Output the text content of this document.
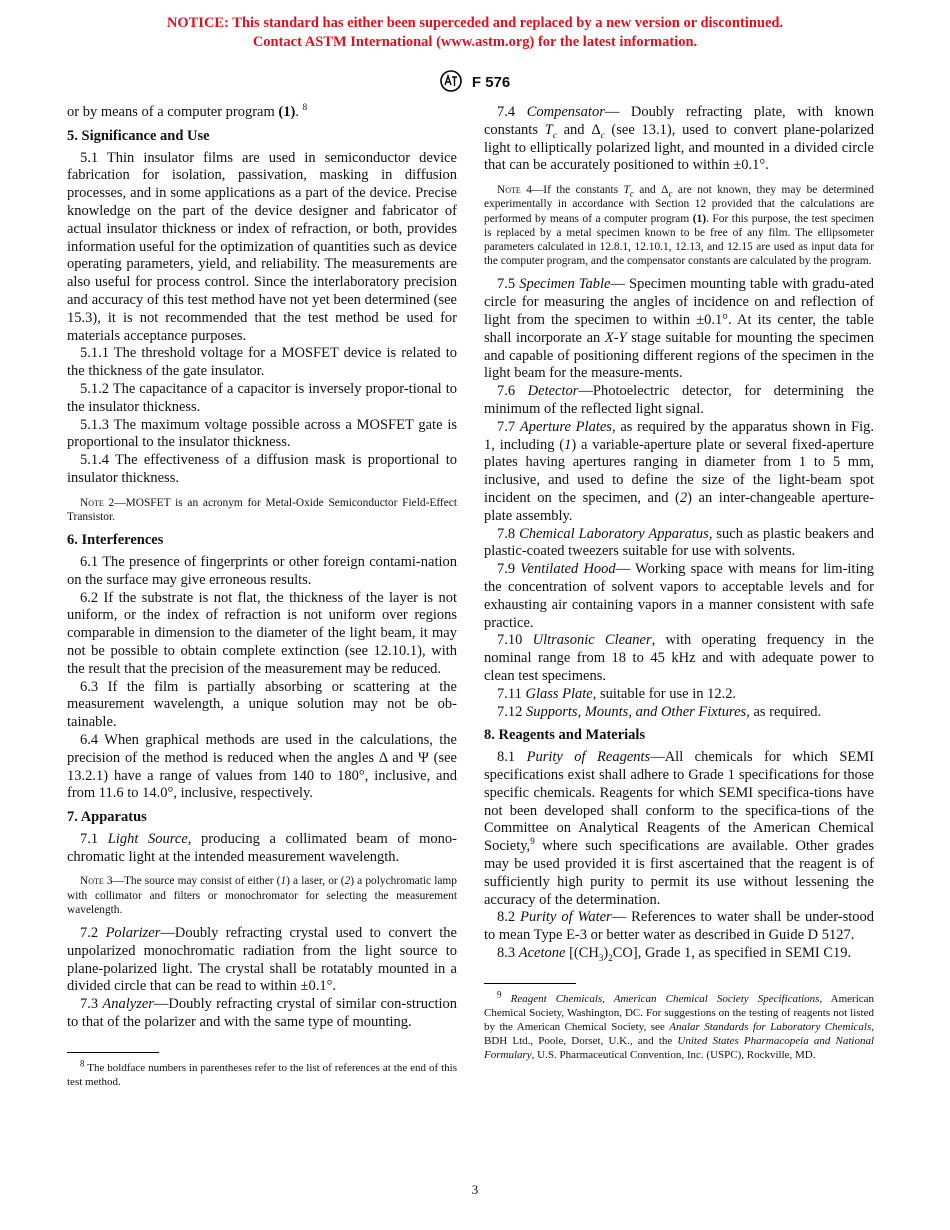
NOTICE: This standard has either been superceded and replaced by a new version or discontinued.
Contact ASTM International (www.astm.org) for the latest information.
F 576

or by means of a computer program (1). $^8$

5. Significance and Use

5.1 Thin insulator films are used in semiconductor device fabrication for isolation, passivation, masking in diffusion processes, and in some applications as a part of the device. Precise knowledge on the part of the device designer and fabricator of actual insulator thickness or index of refraction, or both, provides information useful for the optimization of quantities such as device operating parameters, yield, and reliability. The measurements are also useful for process control. Since the interlaboratory precision and accuracy of this test method have not yet been determined (see 15.3), it is not recommended that the test method be used for materials acceptance purposes.

5.1.1 The threshold voltage for a MOSFET device is related to the thickness of the gate insulator.

5.1.2 The capacitance of a capacitor is inversely propor-tional to the insulator thickness.

5.1.3 The maximum voltage possible across a MOSFET gate is proportional to the insulator thickness.

5.1.4 The effectiveness of a diffusion mask is proportional to insulator thickness.

Note 2—MOSFET is an acronym for Metal-Oxide Semiconductor Field-Effect Transistor.
6. Interferences

6.1 The presence of fingerprints or other foreign contami-nation on the surface may give erroneous results.

6.2 If the substrate is not flat, the thickness of the layer is not uniform, or the index of refraction is not uniform over regions comparable in dimension to the diameter of the light beam, it may not be possible to obtain complete extinction (see 12.10.1), with the result that the precision of the measurement may be reduced.

6.3 If the film is partially absorbing or scattering at the measurement wavelength, a unique solution may not be ob-tainable.

6.4 When graphical methods are used in the calculations, the precision of the method is reduced when the angles Δ and Ψ (see 13.2.1) have a range of values from 140 to 180°, inclusive, and from 11.6 to 14.0°, inclusive, respectively.

7. Apparatus

7.1 Light Source, producing a collimated beam of mono-chromatic light at the intended measurement wavelength.

Note 3—The source may consist of either (1) a laser, or (2) a polychromatic lamp with collimator and filters or monochromator for selecting the measurement wavelength.

7.2 Polarizer—Doubly refracting crystal used to convert the unpolarized monochromatic radiation from the light source to plane-polarized light. The crystal shall be rotatably mounted in a divided circle that can be read to within ±0.1°.

7.3 Analyzer—Doubly refracting crystal of similar con-struction to that of the polarizer and with the same type of mounting.

$^8$ The boldface numbers in parentheses refer to the list of references at the end of this test method.

7.4 Compensator— Doubly refracting plate, with known constants $T_c$ and $\Delta_c$ (see 13.1), used to convert plane-polarized light to elliptically polarized light, and mounted in a divided circle that can be accurately positioned to within ±0.1°.

Note 4—If the constants $T_c$ and $\Delta_c$ are not known, they may be determined experimentally in accordance with Section 12 provided that the calculations are performed by means of a computer program (1). For this purpose, the test specimen is replaced by a metal specimen known to be free of any film. The ellipsometer parameters calculated in 12.8.1, 12.10.1, 12.13, and 12.15 are used as input data for the computer program, and the compensator constants are calculated by the program.

7.5 Specimen Table— Specimen mounting table with gradu-ated circle for measuring the angles of incidence on and reflection of light from the specimen to within ±0.1°. At its center, the table shall incorporate an X-Y stage suitable for mounting the specimen and capable of positioning different regions of the specimen in the light beam for the measure-ments.

7.6 Detector—Photoelectric detector, for determining the minimum of the reflected light signal.

7.7 Aperture Plates, as required by the apparatus shown in Fig. 1, including (1) a variable-aperture plate or several fixed-aperture plates having apertures ranging in diameter from 1 to 5 mm, inclusive, and used to define the size of the light-beam spot incident on the specimen, and (2) an inter-changeable aperture-plate assembly.

7.8 Chemical Laboratory Apparatus, such as plastic beakers and plastic-coated tweezers suitable for use with solvents.

7.9 Ventilated Hood— Working space with means for lim-iting the concentration of solvent vapors to acceptable levels and for exhausting air containing vapors in a manner consistent with safe practice.

7.10 Ultrasonic Cleaner, with operating frequency in the nominal range from 18 to 45 kHz and with adequate power to clean test specimens.

7.11 Glass Plate, suitable for use in 12.2.

7.12 Supports, Mounts, and Other Fixtures, as required.

8. Reagents and Materials

8.1 Purity of Reagents—All chemicals for which SEMI specifications exist shall adhere to Grade 1 specifications for those specific chemicals. Reagents for which SEMI specifica-tions have not been developed shall conform to the specifica-tions of the Committee on Analytical Reagents of the American Chemical Society,$^9$ where such specifications are available. Other grades may be used provided it is first ascertained that the reagent is of sufficiently high purity to permit its use without lessening the accuracy of the determination.

8.2 Purity of Water— References to water shall be under-stood to mean Type E-3 or better water as described in Guide D 5127.

8.3 Acetone $[(CH_3)_2CO]$, Grade 1, as specified in SEMI C19.

$^9$ Reagent Chemicals, American Chemical Society Specifications, American Chemical Society, Washington, DC. For suggestions on the testing of reagents not listed by the American Chemical Society, see Analar Standards for Laboratory Chemicals, BDH Ltd., Poole, Dorset, U.K., and the United States Pharmacopeia and National Formulary, U.S. Pharmaceutical Convention, Inc. (USPC), Rockville, MD.
3
